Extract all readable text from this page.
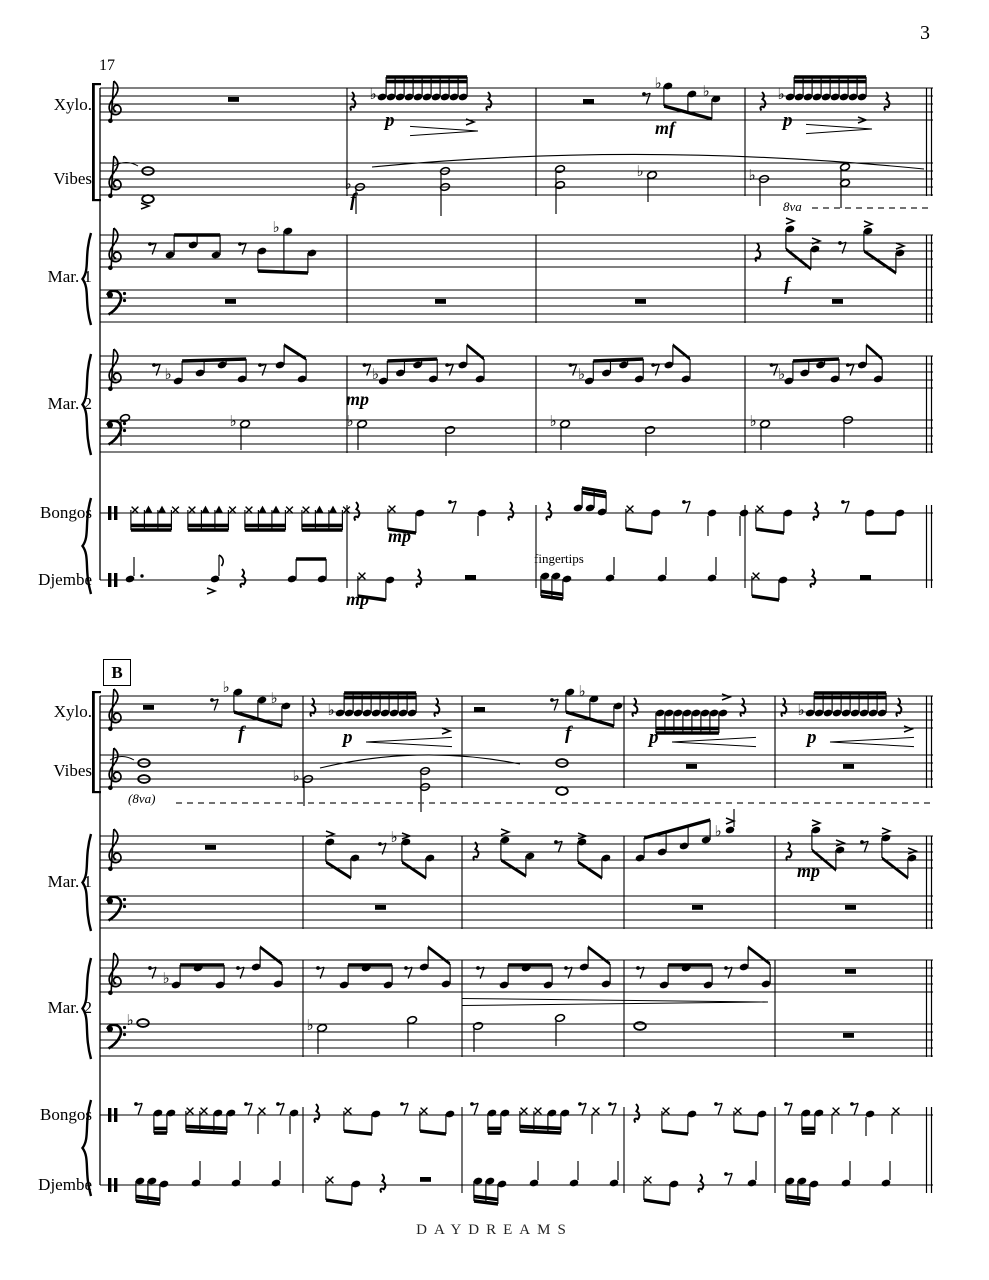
♭
♭	♭	♭
♭
♭	♭
♭
♭	♭	♭	♭
♭	♭	♭	♭
♭
♭
♭
♭
♭
♭
♭	♭
♭
♭	♭
3
17
B
Xylo.
Vibes
Mar. 1
Mar. 2
Bongos
Djembe
p	mf	p
f
f
8va
mp
mp
mp
fingertips
Xylo.
Vibes
Mar. 1
Mar. 2
Bongos
Djembe
f	p	f	p	p
(8va)
mp
DAYDREAMS
